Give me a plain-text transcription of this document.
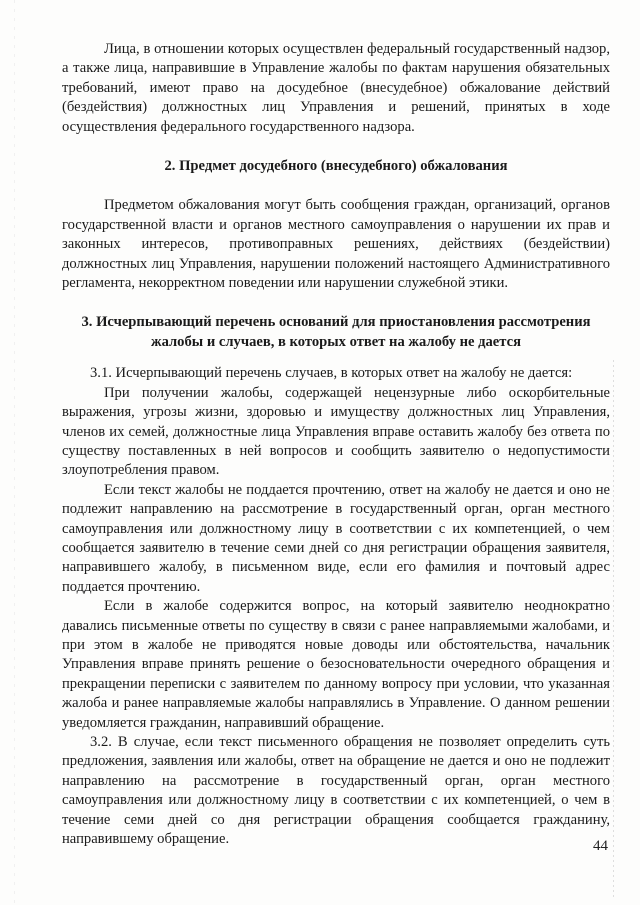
Лица, в отношении которых осуществлен федеральный государственный надзор, а также лица, направившие в Управление жалобы по фактам нарушения обязательных требований, имеют право на досудебное (внесудебное) обжалование действий (бездействия) должностных лиц Управления и решений, принятых в ходе осуществления федерального государственного надзора.

2. Предмет досудебного (внесудебного) обжалования

Предметом обжалования могут быть сообщения граждан, организаций, органов государственной власти и органов местного самоуправления о нарушении их прав и законных интересов, противоправных решениях, действиях (бездействии) должностных лиц Управления, нарушении положений настоящего Административного регламента, некорректном поведении или нарушении служебной этики.

3. Исчерпывающий перечень оснований для приостановления рассмотрения
жалобы и случаев, в которых ответ на жалобу не дается

3.1. Исчерпывающий перечень случаев, в которых ответ на жалобу не дается:

При получении жалобы, содержащей нецензурные либо оскорбительные выражения, угрозы жизни, здоровью и имуществу должностных лиц Управления, членов их семей, должностные лица Управления вправе оставить жалобу без ответа по существу поставленных в ней вопросов и сообщить заявителю о недопустимости злоупотребления правом.

Если текст жалобы не поддается прочтению, ответ на жалобу не дается и оно не подлежит направлению на рассмотрение в государственный орган, орган местного самоуправления или должностному лицу в соответствии с их компетенцией, о чем сообщается заявителю в течение семи дней со дня регистрации обращения заявителя, направившего жалобу, в письменном виде, если его фамилия и почтовый адрес поддается прочтению.

Если в жалобе содержится вопрос, на который заявителю неоднократно давались письменные ответы по существу в связи с ранее направляемыми жалобами, и при этом в жалобе не приводятся новые доводы или обстоятельства, начальник Управления вправе принять решение о безосновательности очередного обращения и прекращении переписки с заявителем по данному вопросу при условии, что указанная жалоба и ранее направляемые жалобы направлялись в Управление. О данном решении уведомляется гражданин, направивший обращение.

3.2. В случае, если текст письменного обращения не позволяет определить суть предложения, заявления или жалобы, ответ на обращение не дается и оно не подлежит направлению на рассмотрение в государственный орган, орган местного самоуправления или должностному лицу в соответствии с их компетенцией, о чем в течение семи дней со дня регистрации обращения сообщается гражданину, направившему обращение.	44
